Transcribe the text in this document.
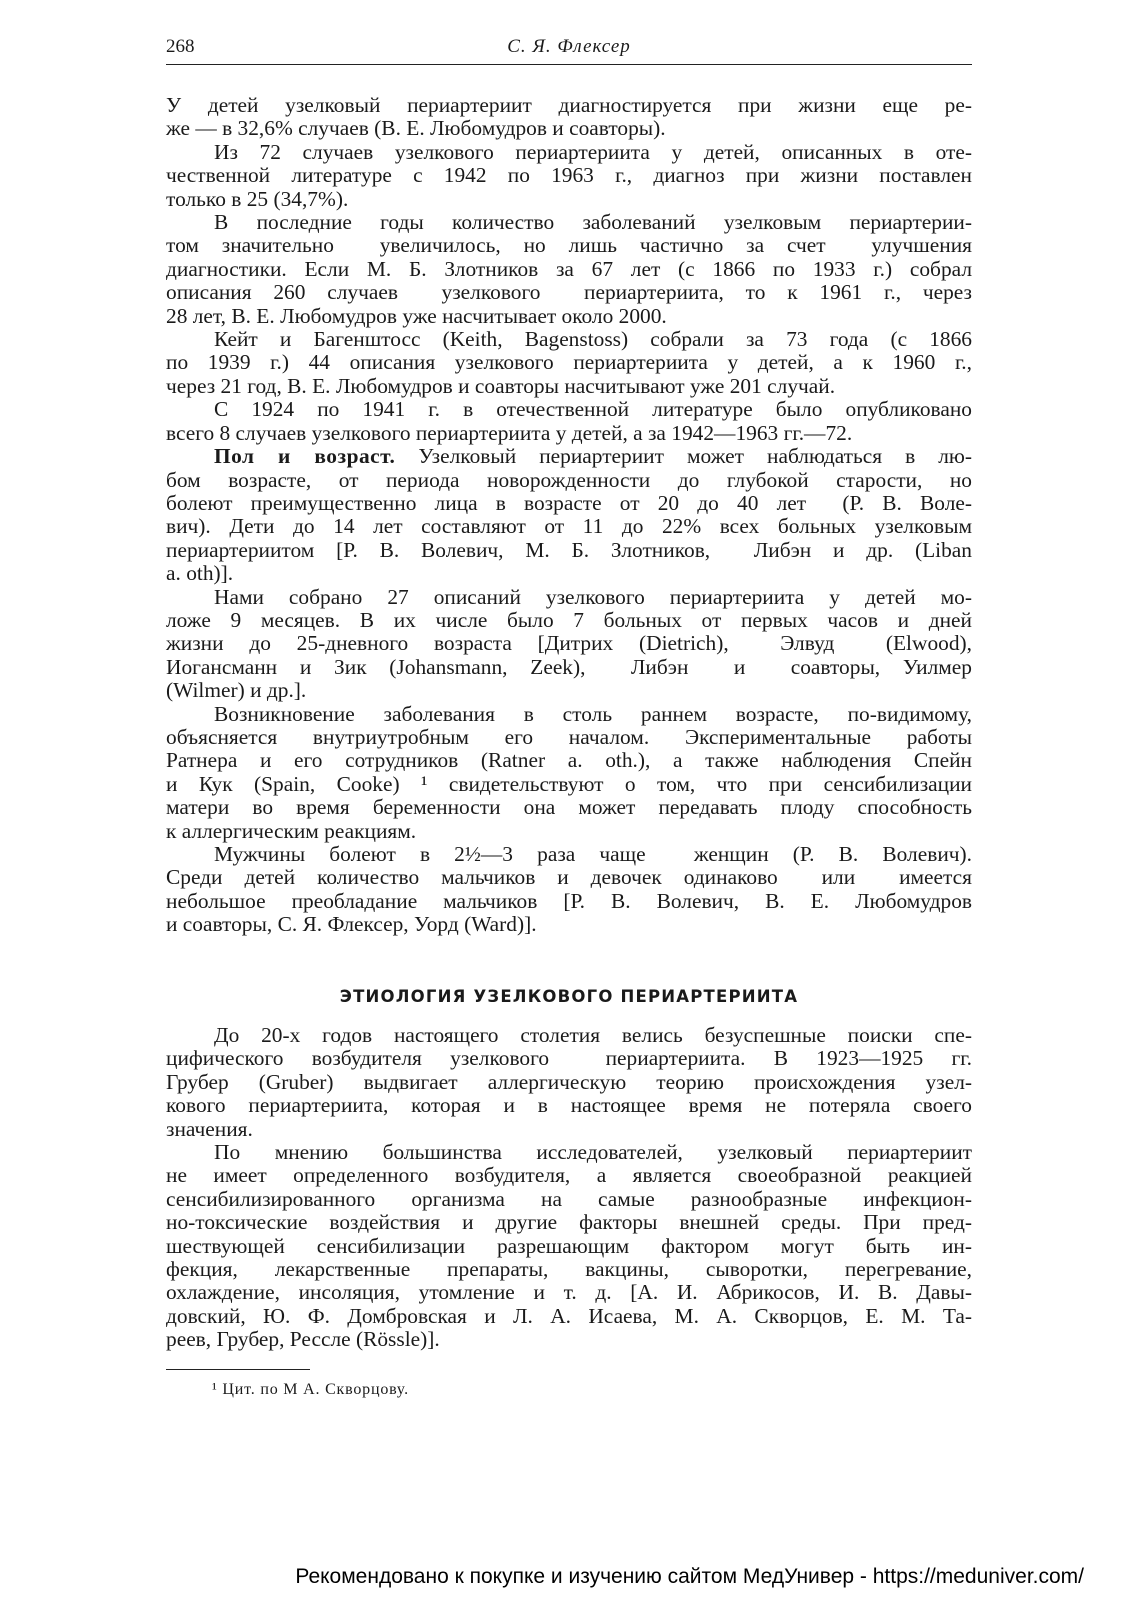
268	С. Я. Флексер
У детей узелковый периартериит диагностируется при жизни еще ре-
же — в 32,6% случаев (В. Е. Любомудров и соавторы).
Из 72 случаев узелкового периартериита у детей, описанных в оте-
чественной литературе с 1942 по 1963 г., диагноз при жизни поставлен
только в 25 (34,7%).
В последние годы количество заболеваний узелковым периартерии-
том значительно  увеличилось, но лишь частично за счет  улучшения
диагностики. Если М. Б. Злотников за 67 лет (с 1866 по 1933 г.) собрал
описания 260 случаев  узелкового  периартериита, то к 1961 г., через
28 лет, В. Е. Любомудров уже насчитывает около 2000.
Кейт и Багенштосс (Keith, Bagenstoss) собрали за 73 года (с 1866
по 1939 г.) 44 описания узелкового периартериита у детей, а к 1960 г.,
через 21 год, В. Е. Любомудров и соавторы насчитывают уже 201 случай.
С 1924 по 1941 г. в отечественной литературе было опубликовано
всего 8 случаев узелкового периартериита у детей, а за 1942—1963 гг.—72.
Пол и возраст. Узелковый периартериит может наблюдаться в лю-
бом возрасте, от периода новорожденности до глубокой старости, но
болеют преимущественно лица в возрасте от 20 до 40 лет  (Р. В. Воле-
вич). Дети до 14 лет составляют от 11 до 22% всех больных узелковым
периартериитом [Р. В. Волевич, М. Б. Злотников,  Либэн и др. (Liban
a. oth)].
Нами собрано 27 описаний узелкового периартериита у детей мо-
ложе 9 месяцев. В их числе было 7 больных от первых часов и дней
жизни до 25-дневного возраста [Дитрих (Dietrich),  Элвуд  (Elwood),
Иогансманн и Зик (Johansmann, Zeek),  Либэн  и  соавторы, Уилмер
(Wilmer) и др.].
Возникновение заболевания в столь раннем возрасте, по-видимому,
объясняется внутриутробным его началом. Экспериментальные работы
Ратнера и его сотрудников (Ratner a. oth.), а также наблюдения Спейн
и Кук (Spain, Cooke) ¹ свидетельствуют о том, что при сенсибилизации
матери во время беременности она может передавать плоду способность
к аллергическим реакциям.
Мужчины болеют в 2½—3 раза чаще  женщин (Р. В. Волевич).
Среди детей количество мальчиков и девочек одинаково  или  имеется
небольшое преобладание мальчиков [Р. В. Волевич, В. Е. Любомудров
и соавторы, С. Я. Флексер, Уорд (Ward)].
ЭТИОЛОГИЯ УЗЕЛКОВОГО ПЕРИАРТЕРИИТА
До 20-х годов настоящего столетия велись безуспешные поиски спе-
цифического возбудителя узелкового  периартериита. В 1923—1925 гг.
Грубер (Gruber) выдвигает аллергическую теорию происхождения узел-
кового периартериита, которая и в настоящее время не потеряла своего
значения.
По мнению большинства исследователей, узелковый периартериит
не имеет определенного возбудителя, а является своеобразной реакцией
сенсибилизированного организма на самые разнообразные инфекцион-
но-токсические воздействия и другие факторы внешней среды. При пред-
шествующей сенсибилизации разрешающим фактором могут быть ин-
фекция, лекарственные препараты, вакцины, сыворотки, перегревание,
охлаждение, инсоляция, утомление и т. д. [А. И. Абрикосов, И. В. Давы-
довский, Ю. Ф. Домбровская и Л. А. Исаева, М. А. Скворцов, Е. М. Та-
реев, Грубер, Рессле (Rössle)].
¹ Цит. по М А. Скворцову.
Рекомендовано к покупке и изучению сайтом МедУнивер - https://meduniver.com/
